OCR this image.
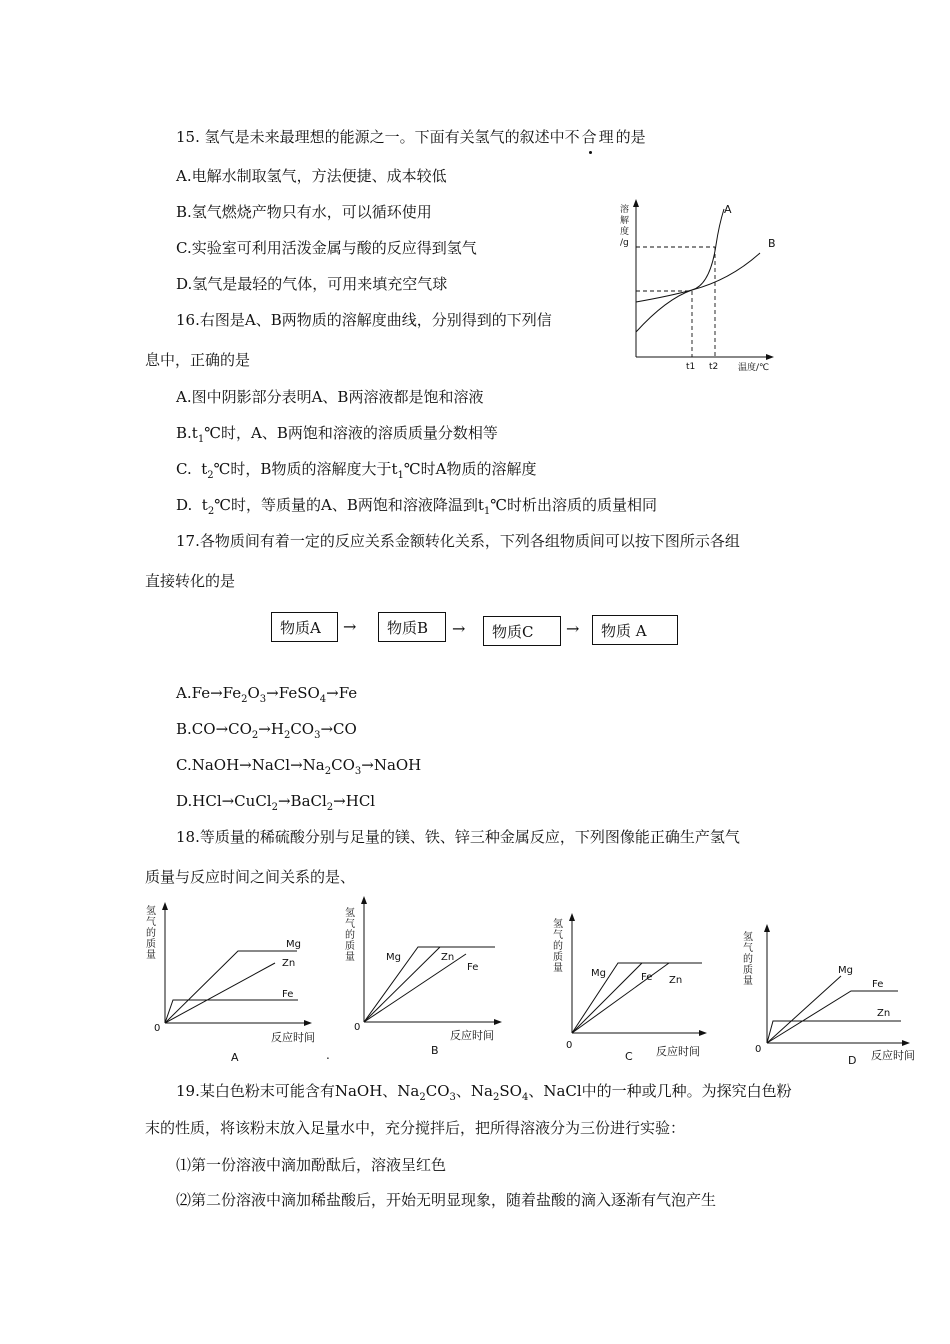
15. 氢气是未来最理想的能源之一。下面有关氢气的叙述中不合理的是
A.电解水制取氢气，方法便捷、成本较低
B.氢气燃烧产物只有水，可以循环使用
C.实验室可利用活泼金属与酸的反应得到氢气
D.氢气是最轻的气体，可用来填充空气球
A
B
溶
解
度
/g
t1 t2 温度/℃
16.右图是A、B两物质的溶解度曲线，分别得到的下列信
息中，正确的是
A.图中阴影部分表明A、B两溶液都是饱和溶液
$B.t_1℃$时，A、B两饱和溶液的溶质质量分数相等
C.  $t_2℃$时，B物质的溶解度大于$t_1℃$时A物质的溶解度
D.  $t_2℃$时，等质量的A、B两饱和溶液降温到$t_1℃$时析出溶质的质量相同
17.各物质间有着一定的反应关系金额转化关系，下列各组物质间可以按下图所示各组
直接转化的是
物质A	→	物质B	→	物质C	→	物质 A
$A.Fe\to Fe_2O_3\to FeSO_4\to Fe$
$B.CO\to CO_2\to H_2CO_3\to CO$
$C.NaOH\to NaCl\to Na_2CO_3\to NaOH$
D.HCl→CuCl$_2$→BaCl$_2$→HCl
18.等质量的稀硫酸分别与足量的镁、铁、锌三种金属反应，下列图像能正确生产氢气
质量与反应时间之间关系的是、
Mg
Zn
Fe
氢
气
的
质
量
0
反应时间
A	.
Mg	Zn
Fe
氢
气
的
质
量
0
反应时间
B
Mg	Fe Zn
氢
气
的
质
量
0	反应时间
C
Mg
Fe
Zn
氢
气
的
质
量
0	反应时间
D
19.某白色粉末可能含有NaOH、$Na_2CO_3$、$Na_2SO_4$、NaCl中的一种或几种。为探究白色粉
末的性质，将该粉末放入足量水中，充分搅拌后，把所得溶液分为三份进行实验：
⑴第一份溶液中滴加酚酞后，溶液呈红色
⑵第二份溶液中滴加稀盐酸后，开始无明显现象，随着盐酸的滴入逐渐有气泡产生
